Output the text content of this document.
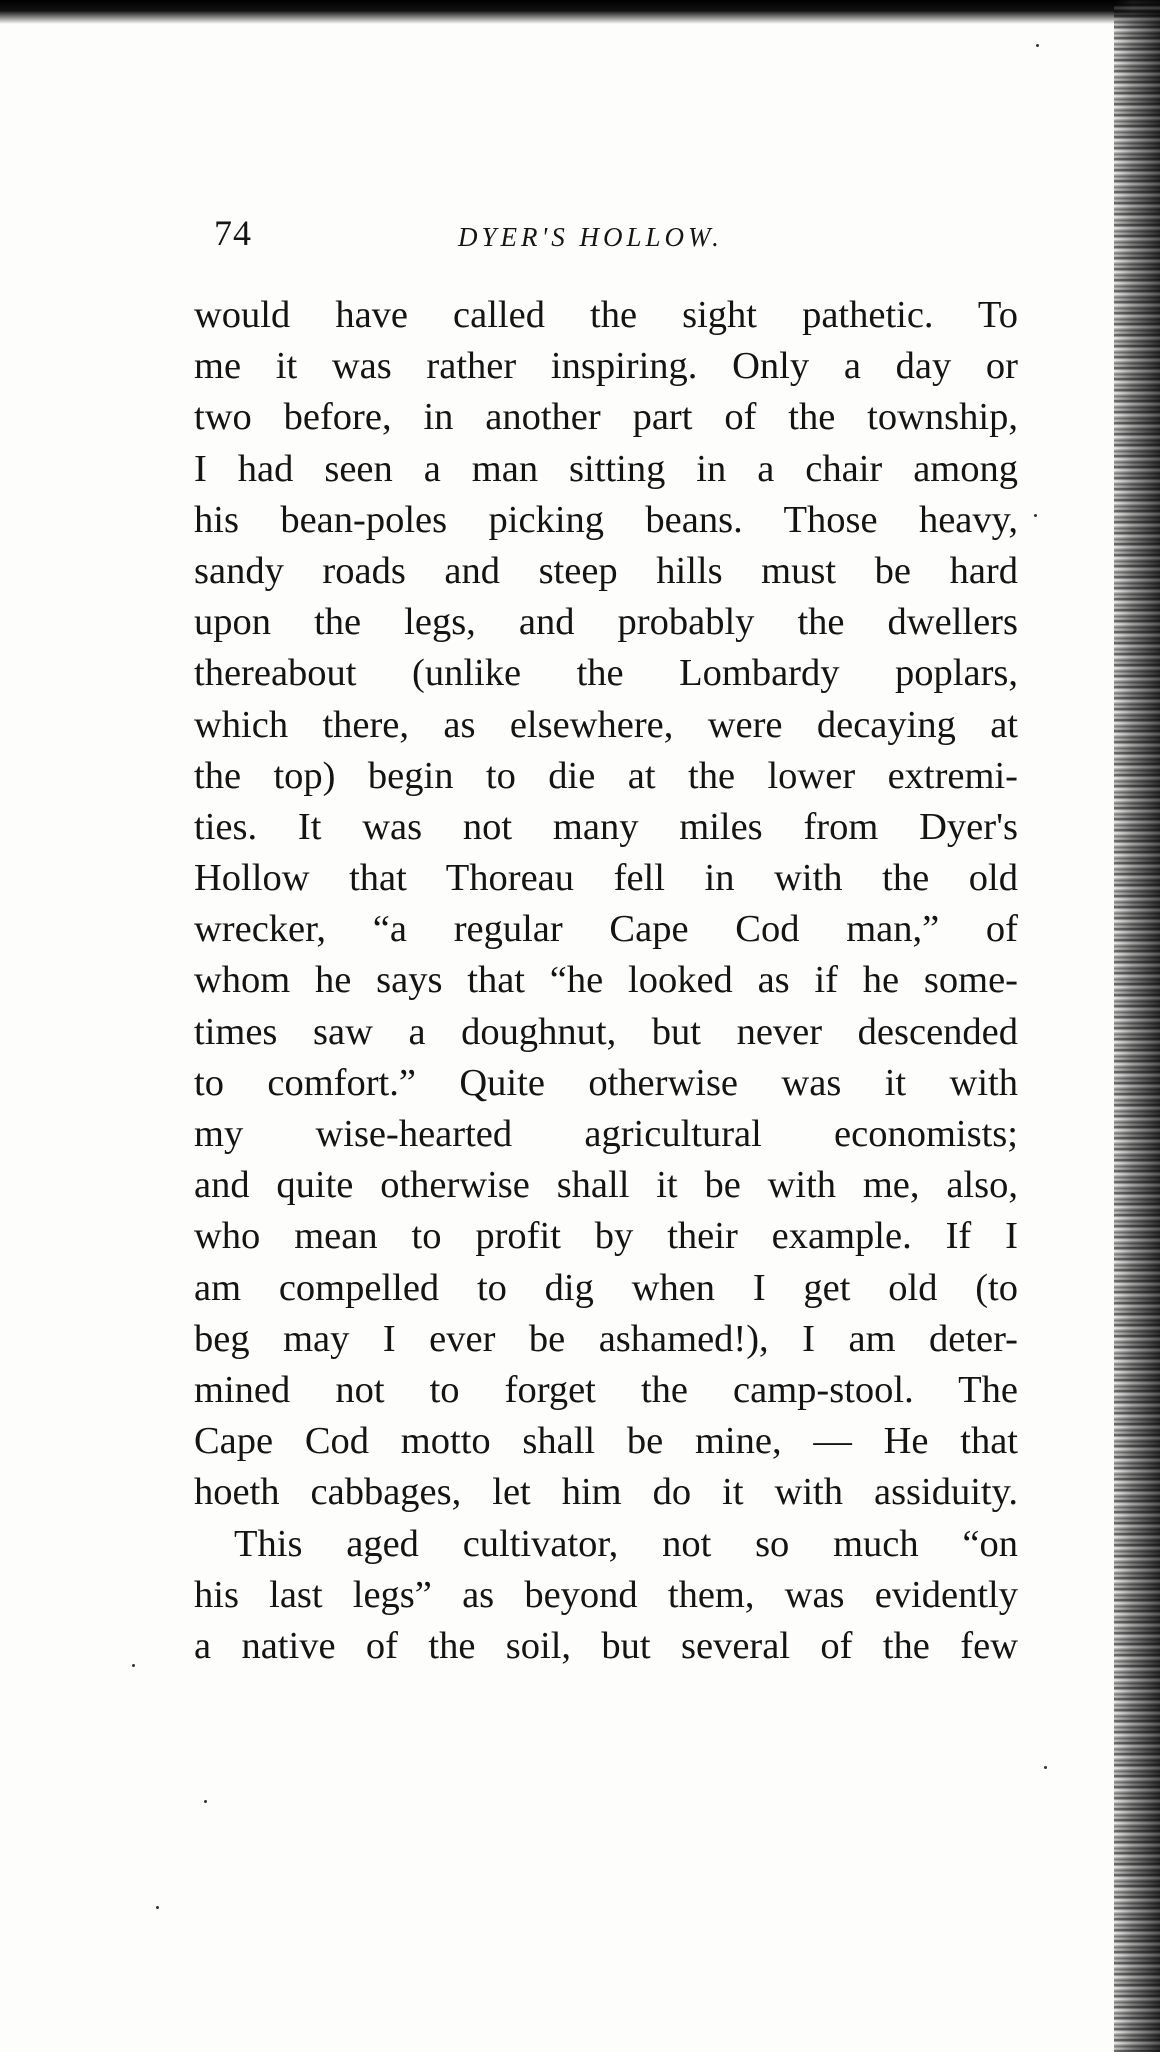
74	DYER'S HOLLOW.
would have called the sight pathetic. To
me it was rather inspiring. Only a day or
two before, in another part of the township,
I had seen a man sitting in a chair among
his bean-poles picking beans. Those heavy,
sandy roads and steep hills must be hard
upon the legs, and probably the dwellers
thereabout (unlike the Lombardy poplars,
which there, as elsewhere, were decaying at
the top) begin to die at the lower extremi-
ties. It was not many miles from Dyer's
Hollow that Thoreau fell in with the old
wrecker, “a regular Cape Cod man,” of
whom he says that “he looked as if he some-
times saw a doughnut, but never descended
to comfort.” Quite otherwise was it with
my wise-hearted agricultural economists;
and quite otherwise shall it be with me, also,
who mean to profit by their example. If I
am compelled to dig when I get old (to
beg may I ever be ashamed!), I am deter-
mined not to forget the camp-stool. The
Cape Cod motto shall be mine, — He that
hoeth cabbages, let him do it with assiduity.
This aged cultivator, not so much “on
his last legs” as beyond them, was evidently
a native of the soil, but several of the few
